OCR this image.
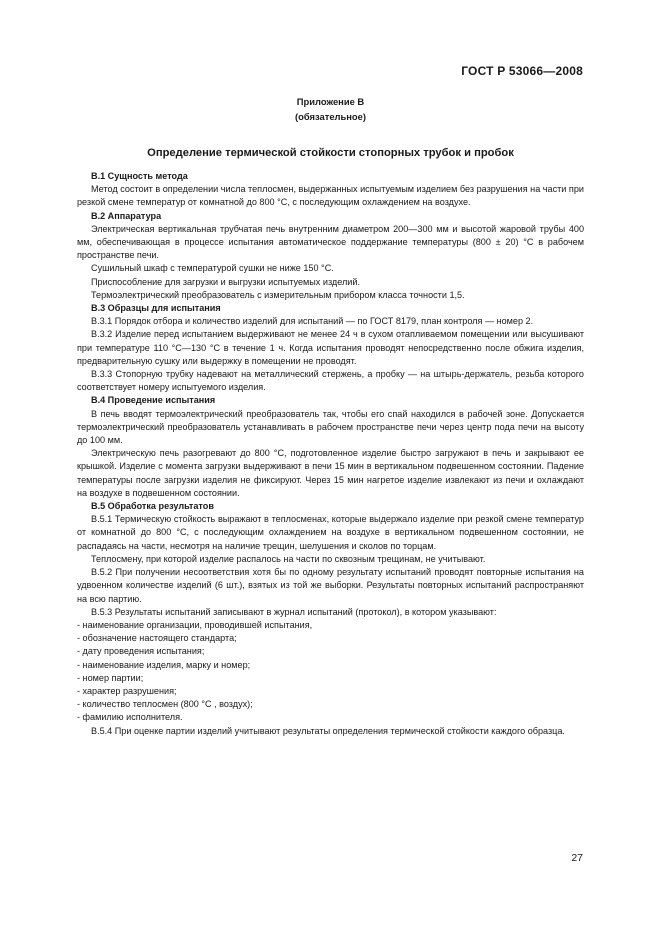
ГОСТ Р 53066—2008
Приложение В
(обязательное)
Определение термической стойкости стопорных трубок и пробок

В.1 Сущность метода

Метод состоит в определении числа теплосмен, выдержанных испытуемым изделием без разрушения на части при резкой смене температур от комнатной до 800 °С, с последующим охлаждением на воздухе.

В.2 Аппаратура

Электрическая вертикальная трубчатая печь внутренним диаметром 200—300 мм и высотой жаровой трубы 400 мм, обеспечивающая в процессе испытания автоматическое поддержание температуры (800 ± 20) °С в рабочем пространстве печи.

Сушильный шкаф с температурой сушки не ниже 150 °С.

Приспособление для загрузки и выгрузки испытуемых изделий.

Термоэлектрический преобразователь с измерительным прибором класса точности 1,5.

В.3 Образцы для испытания

В.3.1 Порядок отбора и количество изделий для испытаний — по ГОСТ 8179, план контроля — номер 2.

В.3.2 Изделие перед испытанием выдерживают не менее 24 ч в сухом отапливаемом помещении или высушивают при температуре 110 °С—130 °С в течение 1 ч. Когда испытания проводят непосредственно после обжига изделия, предварительную сушку или выдержку в помещении не проводят.

В.3.3 Стопорную трубку надевают на металлический стержень, а пробку — на штырь-держатель, резьба которого соответствует номеру испытуемого изделия.

В.4 Проведение испытания

В печь вводят термоэлектрический преобразователь так, чтобы его спай находился в рабочей зоне. Допускается термоэлектрический преобразователь устанавливать в рабочем пространстве печи через центр пода печи на высоту до 100 мм.

Электрическую печь разогревают до 800 °С, подготовленное изделие быстро загружают в печь и закрывают ее крышкой. Изделие с момента загрузки выдерживают в печи 15 мин в вертикальном подвешенном состоянии. Падение температуры после загрузки изделия не фиксируют. Через 15 мин нагретое изделие извлекают из печи и охлаждают на воздухе в подвешенном состоянии.

В.5 Обработка результатов

В.5.1 Термическую стойкость выражают в теплосменах, которые выдержало изделие при резкой смене температур от комнатной до 800 °С, с последующим охлаждением на воздухе в вертикальном подвешенном состоянии, не распадаясь на части, несмотря на наличие трещин, шелушения и сколов по торцам.

Теплосмену, при которой изделие распалось на части по сквозным трещинам, не учитывают.

В.5.2 При получении несоответствия хотя бы по одному результату испытаний проводят повторные испытания на удвоенном количестве изделий (6 шт.), взятых из той же выборки. Результаты повторных испытаний распространяют на всю партию.

В.5.3 Результаты испытаний записывают в журнал испытаний (протокол), в котором указывают:

- наименование организации, проводившей испытания,

- обозначение настоящего стандарта;

- дату проведения испытания;

- наименование изделия, марку и номер;

- номер партии;

- характер разрушения;

- количество теплосмен (800 °С , воздух);

- фамилию исполнителя.

В.5.4 При оценке партии изделий учитывают результаты определения термической стойкости каждого образца.

27
